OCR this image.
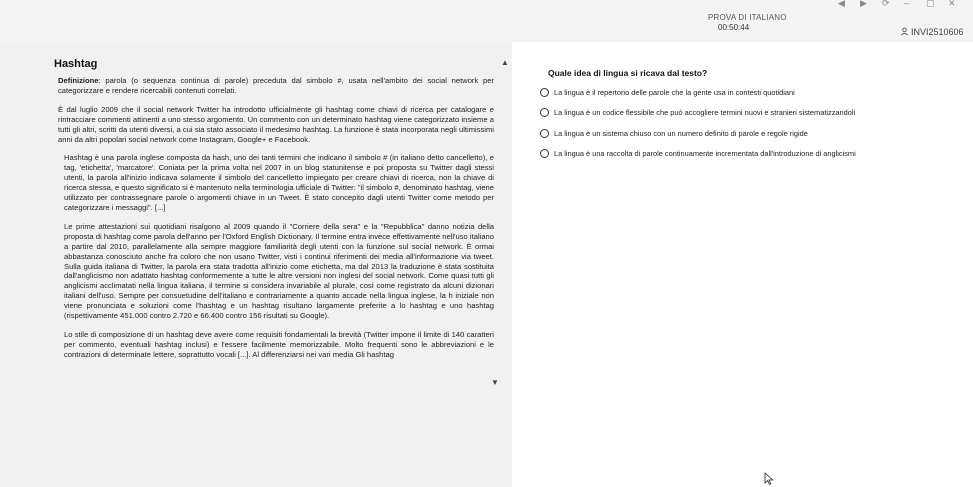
◀ ▶ ⟳ – ▢ ✕
PROVA DI ITALIANO
00:50:44	INVI2510606
▲
▼
Hashtag

Definizione: parola (o sequenza continua di parole) preceduta dal simbolo #, usata nell'ambito dei social network per categorizzare e rendere ricercabili contenuti correlati.

È dal luglio 2009 che il social network Twitter ha introdotto ufficialmente gli hashtag come chiavi di ricerca per catalogare e rintracciare commenti attinenti a uno stesso argomento. Un commento con un determinato hashtag viene categorizzato insieme a tutti gli altri, scritti da utenti diversi, a cui sia stato associato il medesimo hashtag. La funzione è stata incorporata negli ultimissimi anni da altri popolari social network come Instagram, Google+ e Facebook.

Hashtag è una parola inglese composta da hash, uno dei tanti termini che indicano il simbolo # (in italiano detto cancelletto), e tag, 'etichetta', 'marcatore'. Coniata per la prima volta nel 2007 in un blog statunitense e poi proposta su Twitter dagli stessi utenti, la parola all'inizio indicava solamente il simbolo del cancelletto impiegato per creare chiavi di ricerca, non la chiave di ricerca stessa, e questo significato si è mantenuto nella terminologia ufficiale di Twitter: "il simbolo #, denominato hashtag, viene utilizzato per contrassegnare parole o argomenti chiave in un Tweet. È stato concepito dagli utenti Twitter come metodo per categorizzare i messaggi". [...]

Le prime attestazioni sui quotidiani risalgono al 2009 quando il "Corriere della sera" e la "Repubblica" danno notizia della proposta di hashtag come parola dell'anno per l'Oxford English Dictionary. Il termine entra invece effettivamente nell'uso italiano a partire dal 2010, parallelamente alla sempre maggiore familiarità degli utenti con la funzione sul social network. È ormai abbastanza conosciuto anche fra coloro che non usano Twitter, visti i continui riferimenti dei media all'informazione via tweet. Sulla guida italiana di Twitter, la parola era stata tradotta all'inizio come etichetta, ma dal 2013 la traduzione è stata sostituita dall'anglicismo non adattato hashtag conformemente a tutte le altre versioni non inglesi del social network. Come quasi tutti gli anglicismi acclimatati nella lingua italiana, il termine si considera invariabile al plurale, così come registrato da alcuni dizionari italiani dell'uso. Sempre per consuetudine dell'italiano e contrariamente a quanto accade nella lingua inglese, la h iniziale non viene pronunciata e soluzioni come l'hashtag e un hashtag risultano largamente preferite a lo hashtag e uno hashtag (rispettivamente 451.000 contro 2.720 e 66.400 contro 156 risultati su Google).

Lo stile di composizione di un hashtag deve avere come requisiti fondamentali la brevità (Twitter impone il limite di 140 caratteri per commento, eventuali hashtag inclusi) e l'essere facilmente memorizzabile. Molto frequenti sono le abbreviazioni e le contrazioni di determinate lettere, soprattutto vocali [...]. Al differenziarsi nei vari media Gli hashtag

Quale idea di lingua si ricava dal testo?
La lingua è il repertorio delle parole che la gente usa in contesti quotidiani
La lingua è un codice flessibile che può accogliere termini nuovi e stranieri sistematizzandoli
La lingua è un sistema chiuso con un numero definito di parole e regole rigide
La lingua è una raccolta di parole continuamente incrementata dall'introduzione di anglicismi
